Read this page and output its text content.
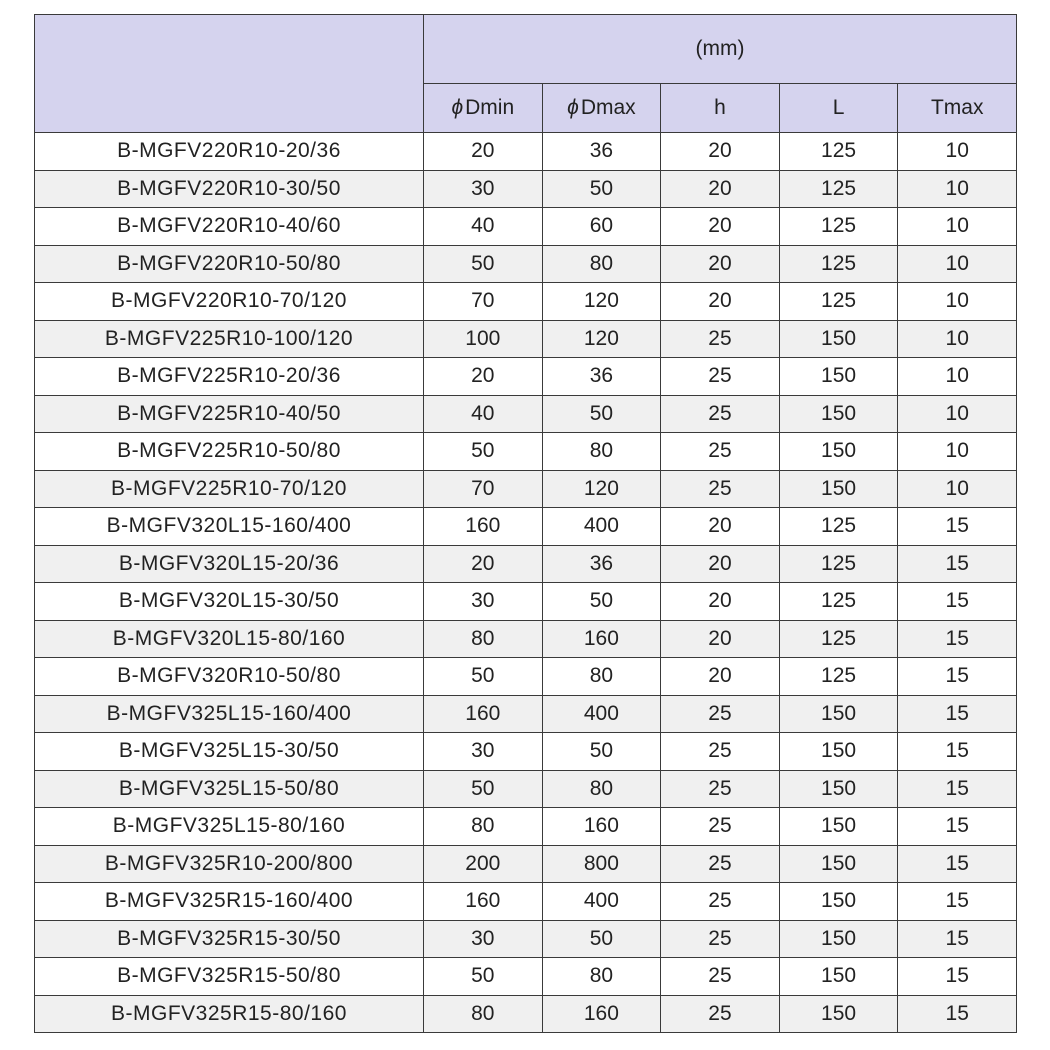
	(mm)				
	ϕDmin	ϕDmax	h	L	Tmax
B-MGFV220R10-20/36	20	36	20	125	10
B-MGFV220R10-30/50	30	50	20	125	10
B-MGFV220R10-40/60	40	60	20	125	10
B-MGFV220R10-50/80	50	80	20	125	10
B-MGFV220R10-70/120	70	120	20	125	10
B-MGFV225R10-100/120	100	120	25	150	10
B-MGFV225R10-20/36	20	36	25	150	10
B-MGFV225R10-40/50	40	50	25	150	10
B-MGFV225R10-50/80	50	80	25	150	10
B-MGFV225R10-70/120	70	120	25	150	10
B-MGFV320L15-160/400	160	400	20	125	15
B-MGFV320L15-20/36	20	36	20	125	15
B-MGFV320L15-30/50	30	50	20	125	15
B-MGFV320L15-80/160	80	160	20	125	15
B-MGFV320R10-50/80	50	80	20	125	15
B-MGFV325L15-160/400	160	400	25	150	15
B-MGFV325L15-30/50	30	50	25	150	15
B-MGFV325L15-50/80	50	80	25	150	15
B-MGFV325L15-80/160	80	160	25	150	15
B-MGFV325R10-200/800	200	800	25	150	15
B-MGFV325R15-160/400	160	400	25	150	15
B-MGFV325R15-30/50	30	50	25	150	15
B-MGFV325R15-50/80	50	80	25	150	15
B-MGFV325R15-80/160	80	160	25	150	15
